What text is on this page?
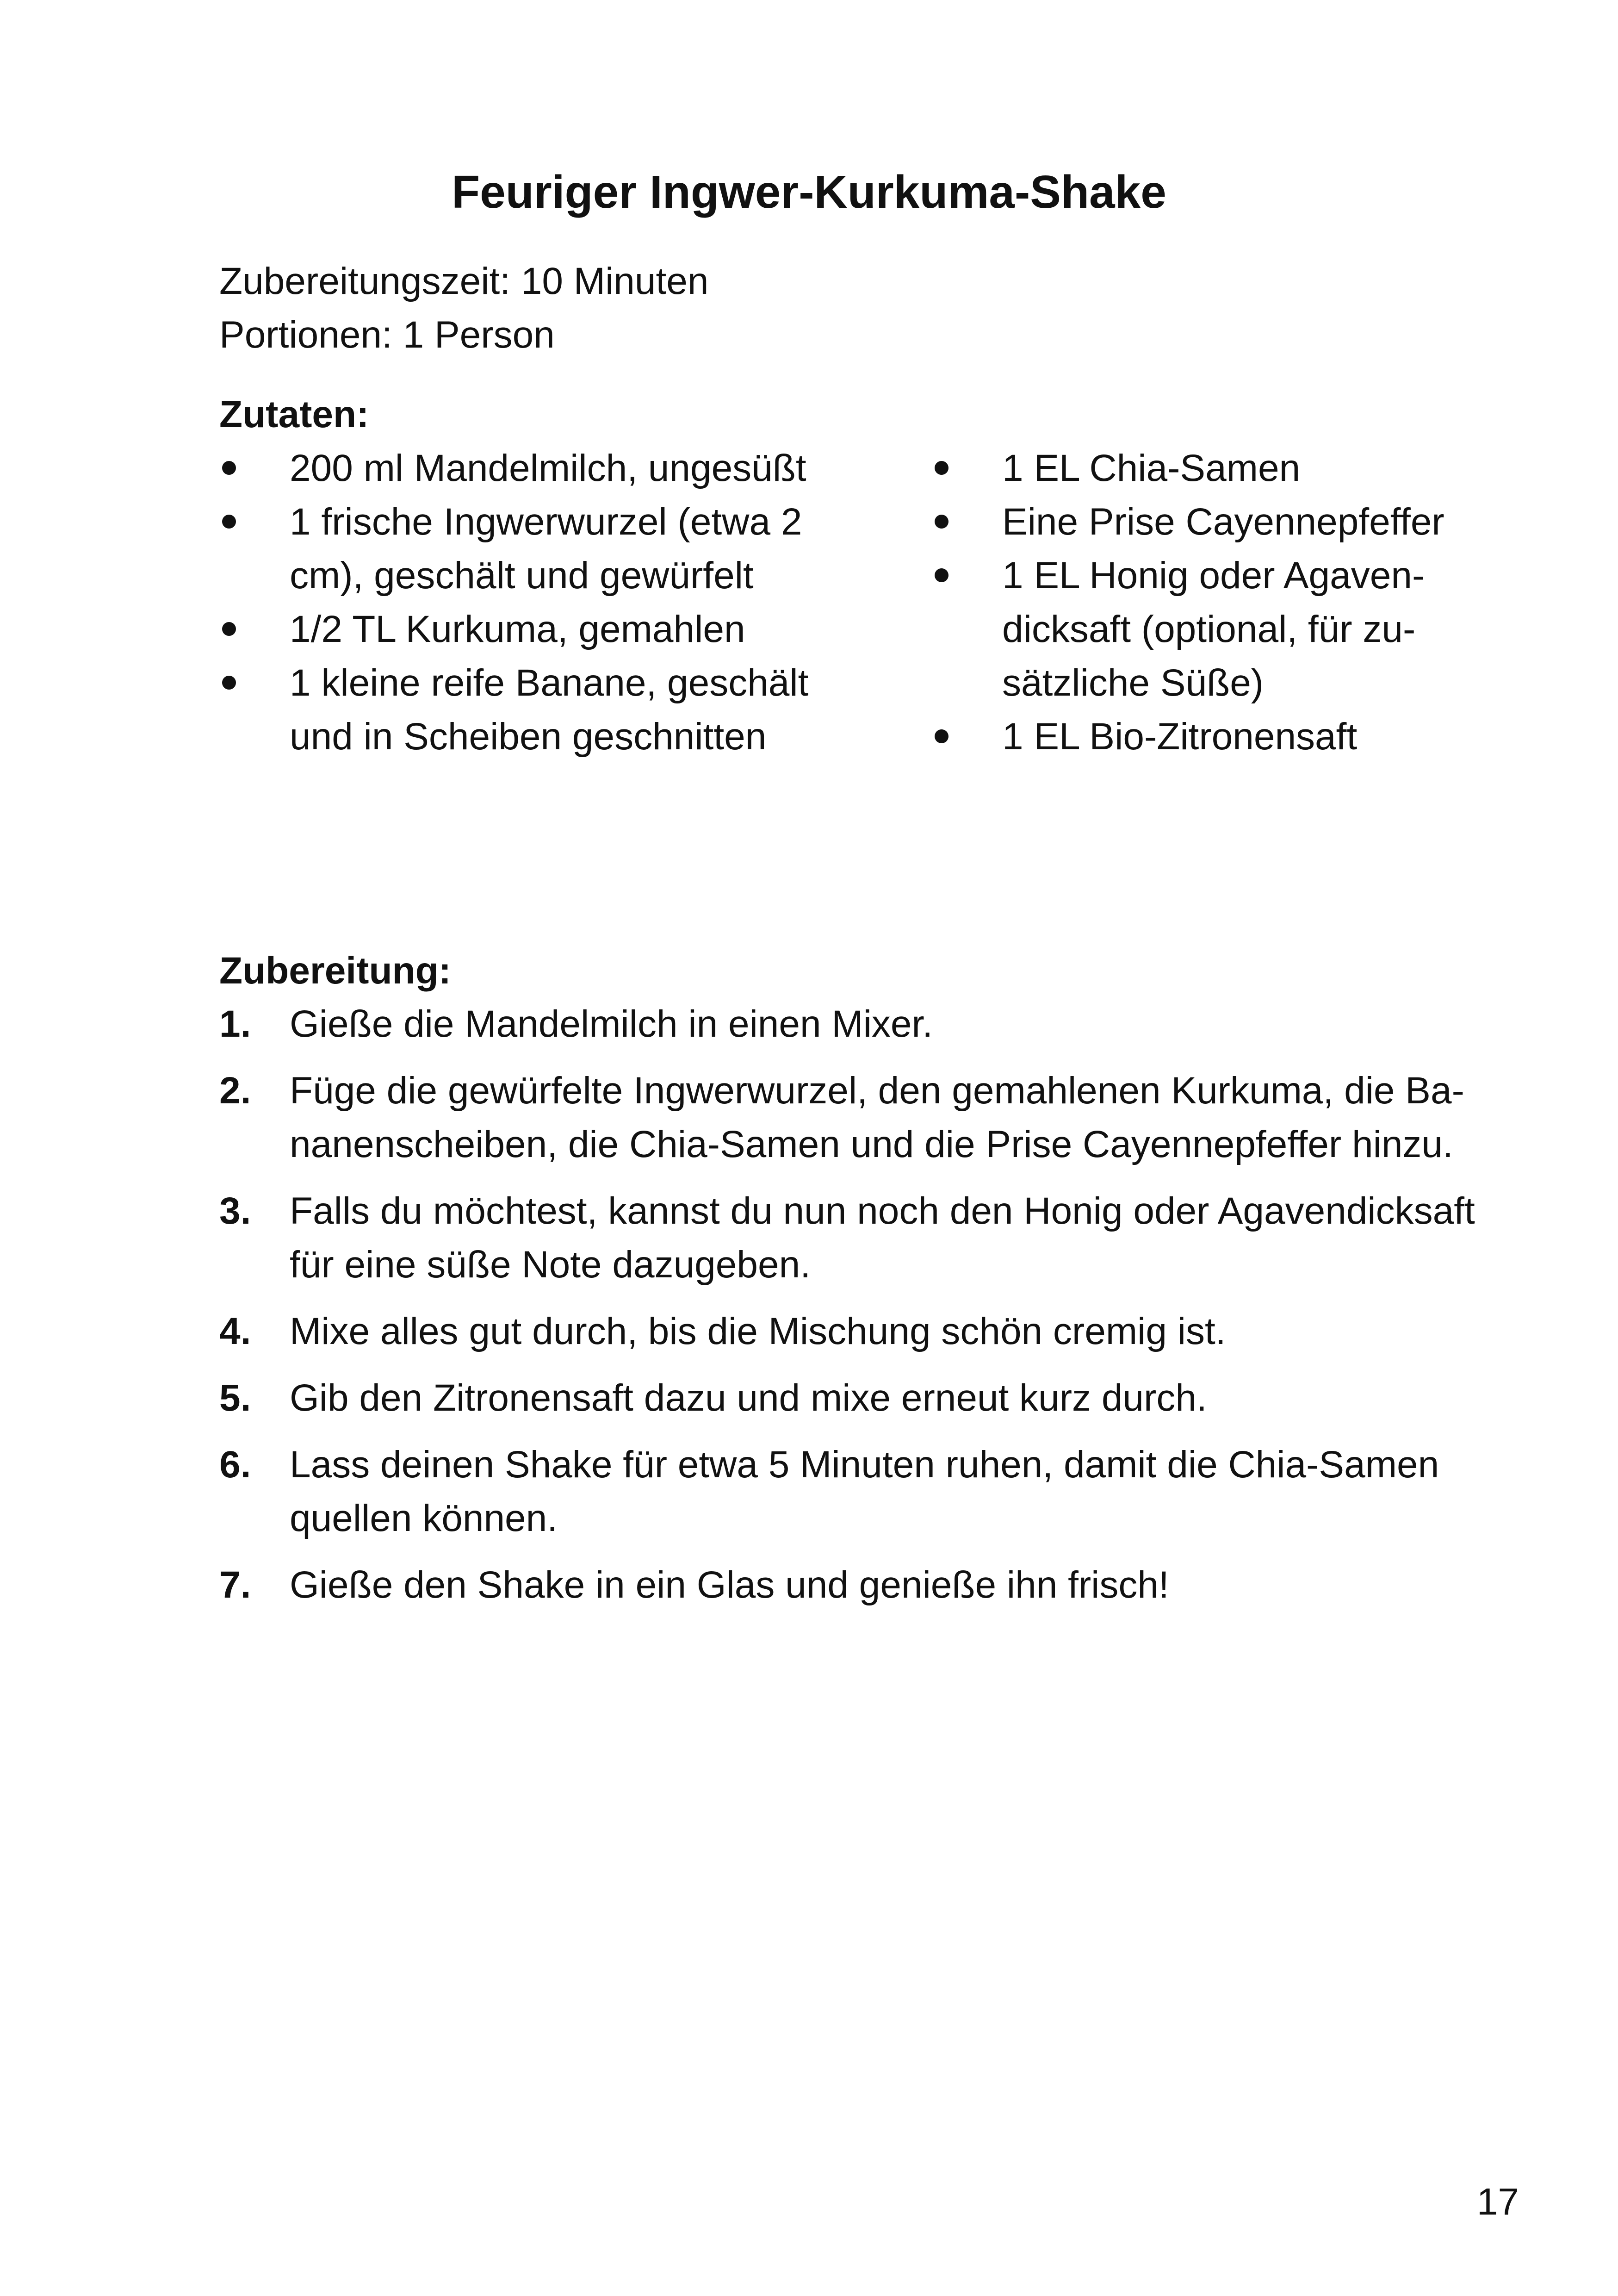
Feuriger Ingwer-Kurkuma-Shake
Zubereitungszeit: 10 Minuten
Portionen: 1 Person
Zutaten:
200 ml Mandelmilch, ungesüßt
1 frische Ingwerwurzel (etwa 2 cm), geschält und gewürfelt
1/2 TL Kurkuma, gemahlen
1 kleine reife Banane, geschält und in Scheiben geschnitten
1 EL Chia-Samen
Eine Prise Cayennepfeffer
1 EL Honig oder Agavendicksaft (optional, für zusätzliche Süße)
1 EL Bio-Zitronensaft
Zubereitung:
1. Gieße die Mandelmilch in einen Mixer.
2. Füge die gewürfelte Ingwerwurzel, den gemahlenen Kurkuma, die Bananenscheiben, die Chia-Samen und die Prise Cayennepfeffer hinzu.
3. Falls du möchtest, kannst du nun noch den Honig oder Agavendicksaft für eine süße Note dazugeben.
4. Mixe alles gut durch, bis die Mischung schön cremig ist.
5. Gib den Zitronensaft dazu und mixe erneut kurz durch.
6. Lass deinen Shake für etwa 5 Minuten ruhen, damit die Chia-Samen quellen können.
7. Gieße den Shake in ein Glas und genieße ihn frisch!
17
